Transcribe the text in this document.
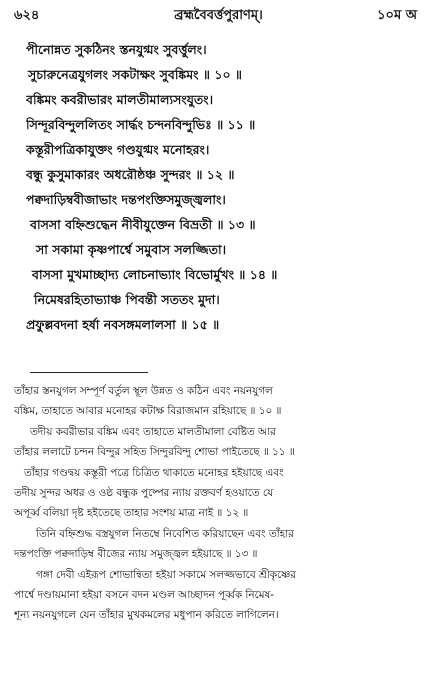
৬২৪	ব্রহ্মবৈবর্ত্তপুরাণম্।	১০ম অ
পীনোন্নত সুকঠিনং স্তনযুগ্মং সুবর্ত্তুলং।
সুচারুনেত্রযুগলং সকটাক্ষং সুবঙ্কিমং ॥ ১০ ॥
বঙ্কিমং কবরীভারং মালতীমাল্যসংযুতং।
সিন্দূরবিন্দুললিতং সার্দ্ধং চন্দনবিন্দুভিঃ ॥ ১১ ॥
কস্তূরীপত্রিকাযুক্তং গণ্ডযুগ্মং মনোহরং।
বন্ধু কুসুমাকারং অধরৌষ্ঠঞ্চ সুন্দরং ॥ ১২ ॥
পক্বদাড়িম্ববীজাভাং দন্তপংক্তিসমুজ্জ্বলাং।
বাসসা বহ্নিশুদ্ধেন নীবীযুক্তেন বিভ্রতী ॥ ১৩ ॥
সা সকামা কৃষ্ণপার্শ্বে সমুবাস সলজ্জিতা।
বাসসা মুখমাচ্ছাদ্য লোচনাভ্যাং বিভোর্মুখং ॥ ১৪ ॥
নিমেষরহিতাভ্যাঞ্চ পিবন্তী সততং মুদা।
প্রফুল্লবদনা হর্ষা নবসঙ্গমলালসা ॥ ১৫ ॥
তাঁহার স্তনযুগল সম্পূর্ণ বর্তুল স্থূল উন্নত ও কঠিন এবং নয়নযুগল
বঙ্কিম, তাহাতে আবার মনোহর কটাক্ষ বিরাজমান রহিয়াছে ॥ ১০ ॥
তদীয় কবরীভার বঙ্কিম এবং তাহাতে মালতীমালা বেষ্টিত আর
তাঁহার ললাটে চন্দন বিন্দুর সহিত সিন্দুরবিন্দু শোভা পাইতেছে ॥ ১১ ॥
তাঁহার গণ্ডদ্বয় কস্তূরী পত্রে চিত্রিত থাকাতে মনোহর হইয়াছে এবং
তদীয় সুন্দর অধর ও ওষ্ঠ বন্ধুক পুষ্পের ন্যায় রক্তবর্ণ হওয়াতে যে
অপূর্ব্ব বলিয়া দৃষ্ট হইতেছে তাহার সংশয় মাত্র নাই ॥ ১২ ॥
তিনি বহ্নিশুদ্ধ বস্ত্রযুগল নিতম্বে নিবেশিত করিয়াছেন এবং তাঁহার
দন্তপংক্তি পক্বদাড়িম্ব বীজের ন্যায় সমুজ্জ্বল হইয়াছে ॥ ১৩ ॥
গঙ্গা দেবী এইরূপ শোভান্বিতা হইয়া সকামে সলজ্জভাবে শ্রীকৃষ্ণের
পার্শ্বে দণ্ডায়মানা হইয়া বসনে বদন মণ্ডল আচ্ছাদন পূর্ব্বক নিমেষ-
শূন্য নয়নযুগলে যেন তাঁহার মুখকমলের মধুপান করিতে লাগিলেন।
